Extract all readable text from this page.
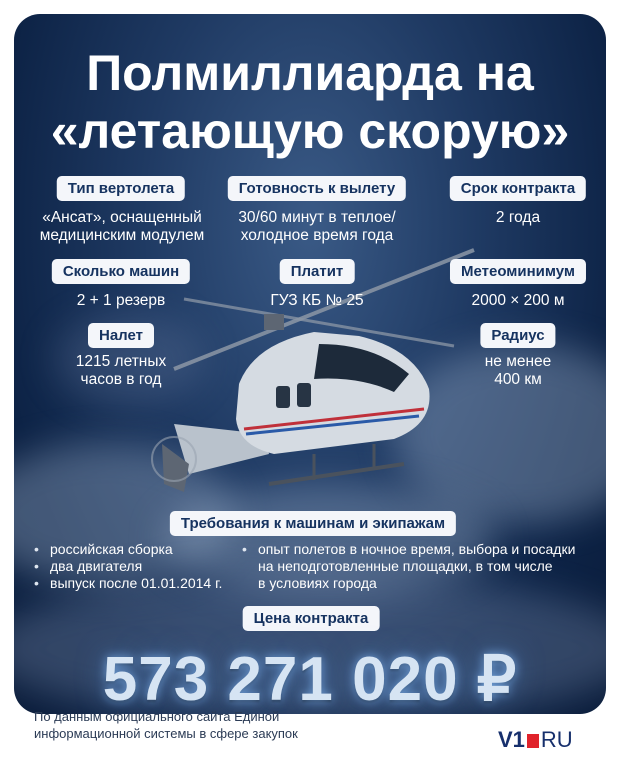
Полмиллиарда на
«летающую скорую»
Тип вертолета
«Ансат», оснащенный
медицинским модулем
Готовность к вылету
30/60 минут в теплое/
холодное время года
Срок контракта
2 года
Сколько машин
2 + 1 резерв
Платит
ГУЗ КБ № 25
Метеоминимум
2000 × 200 м
Налет
1215 летных
часов в год
Радиус
не менее
400 км
Требования к машинам и экипажам
• российская сборка
• два двигателя
• выпуск после 01.01.2014 г.
• опыт полетов в ночное время, выбора и посадки
на неподготовленные площадки, в том числе
в условиях города
Цена контракта
573 271 020 ₽
По данным официального сайта Единой
информационной системы в сфере закупок	V1 RU
